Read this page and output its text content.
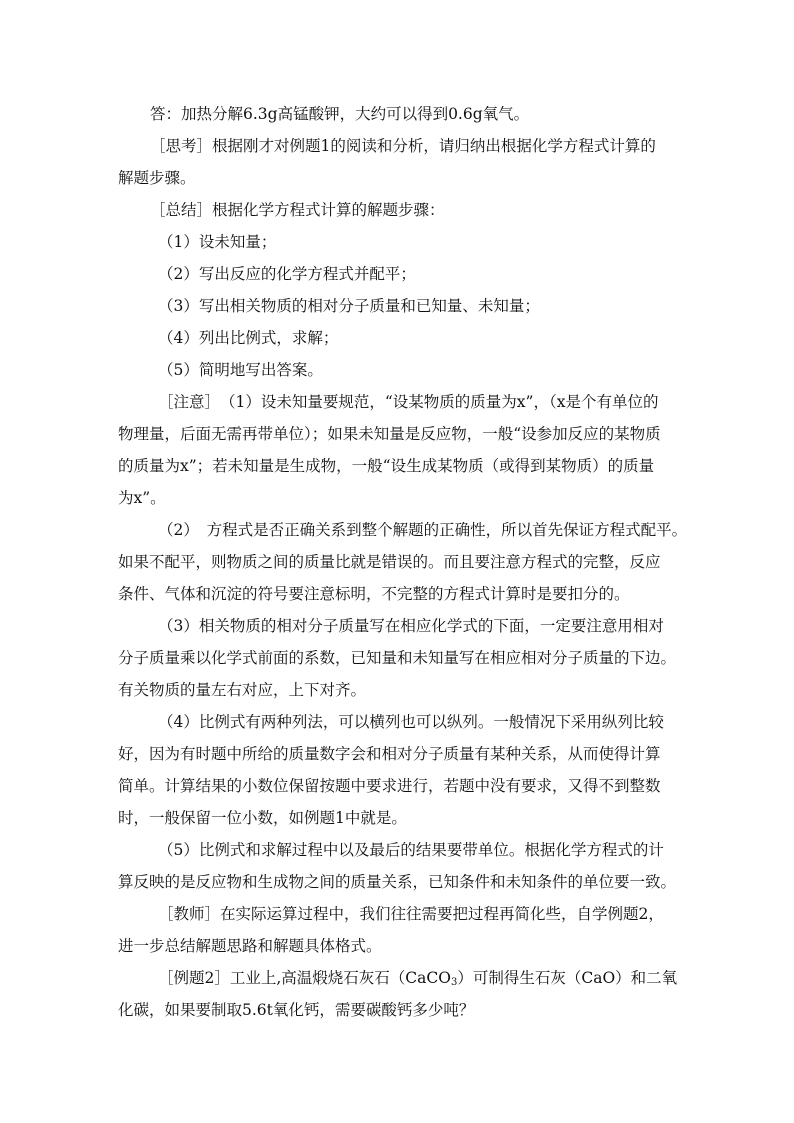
答：加热分解6.3g高锰酸钾，大约可以得到0.6g氧气。

［思考］根据刚才对例题1的阅读和分析，请归纳出根据化学方程式计算的
解题步骤。

［总结］根据化学方程式计算的解题步骤：

（1）设未知量；
（2）写出反应的化学方程式并配平；
（3）写出相关物质的相对分子质量和已知量、未知量；
（4）列出比例式，求解；
（5）简明地写出答案。

［注意］　（1）设未知量要规范，“设某物质的质量为x”，（x是个有单位的
物理量，后面无需再带单位）；如果未知量是反应物，一般“设参加反应的某物质
的质量为x”；若未知量是生成物，一般“设生成某物质（或得到某物质）的质量
为x”。

（2）　方程式是否正确关系到整个解题的正确性，所以首先保证方程式配平。
如果不配平，则物质之间的质量比就是错误的。而且要注意方程式的完整，反应
条件、气体和沉淀的符号要注意标明，不完整的方程式计算时是要扣分的。

（3）相关物质的相对分子质量写在相应化学式的下面，一定要注意用相对
分子质量乘以化学式前面的系数，已知量和未知量写在相应相对分子质量的下边。
有关物质的量左右对应，上下对齐。

（4）比例式有两种列法，可以横列也可以纵列。一般情况下采用纵列比较
好，因为有时题中所给的质量数字会和相对分子质量有某种关系，从而使得计算
简单。计算结果的小数位保留按题中要求进行，若题中没有要求，又得不到整数
时，一般保留一位小数，如例题1中就是。

（5）比例式和求解过程中以及最后的结果要带单位。根据化学方程式的计
算反映的是反应物和生成物之间的质量关系，已知条件和未知条件的单位要一致。

［教师］在实际运算过程中，我们往往需要把过程再简化些，自学例题2，
进一步总结解题思路和解题具体格式。

［例题2］工业上,高温煅烧石灰石（CaCO$_3$）可制得生石灰（CaO）和二氧
化碳，如果要制取5.6t氧化钙，需要碳酸钙多少吨？
